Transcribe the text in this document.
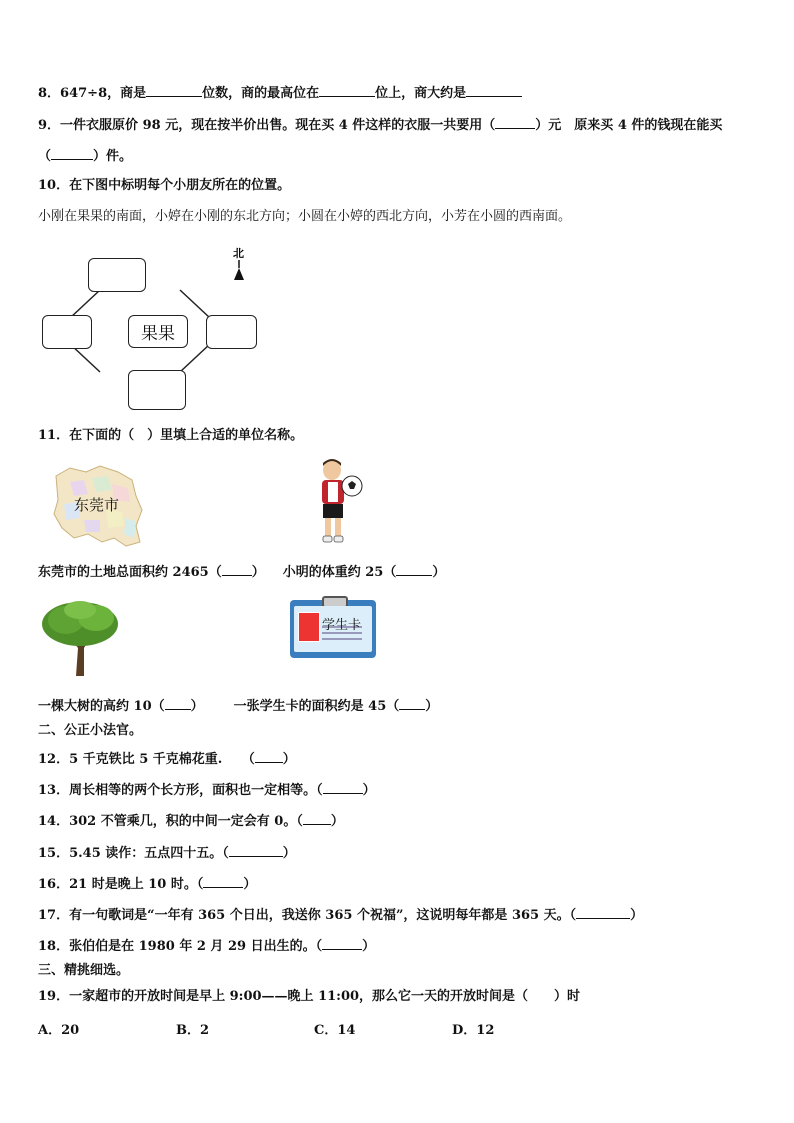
8．647÷8，商是	位数，商的最高位在	位上，商大约是
9．一件衣服原价 98 元，现在按半价出售。现在买 4 件这样的衣服一共要用（	）元　原来买 4 件的钱现在能买
（	）件。
10．在下图中标明每个小朋友所在的位置。
小刚在果果的南面，小婷在小刚的东北方向；小圆在小婷的西北方向，小芳在小圆的西南面。
北
果果
11．在下面的（　）里填上合适的单位名称。
东莞市
东莞市的土地总面积约 2465（ ） 小明的体重约 25（	）
学生卡
一棵大树的高约 10（ ） 一张学生卡的面积约是 45（ ）
二、公正小法官。
12．5 千克铁比 5 千克棉花重.　　（ ）
13．周长相等的两个长方形，面积也一定相等。（	）
14．302 不管乘几，积的中间一定会有 0。（ ）
15．5.45 读作：五点四十五。（	）
16．21 时是晚上 10 时。（	）
17．有一句歌词是“一年有 365 个日出，我送你 365 个祝福”，这说明每年都是 365 天。（	）
18．张伯伯是在 1980 年 2 月 29 日出生的。（	）
三、精挑细选。
19．一家超市的开放时间是早上 9:00——晚上 11:00，那么它一天的开放时间是（　　）时
A．20	B．2	C．14	D．12
